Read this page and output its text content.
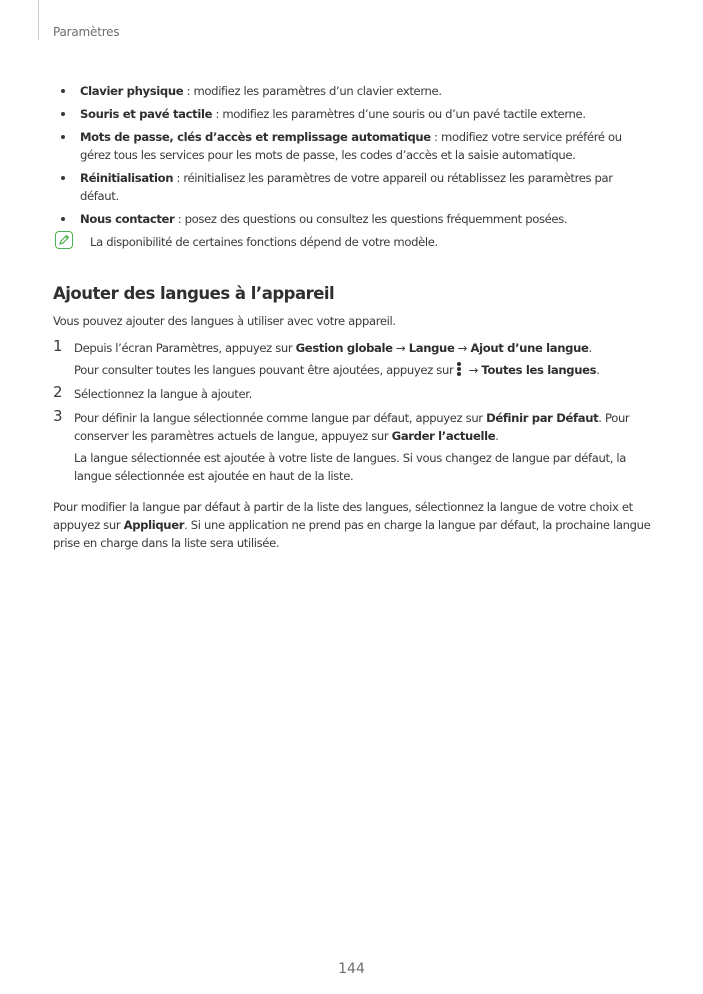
Paramètres
Clavier physique : modifiez les paramètres d’un clavier externe.
Souris et pavé tactile : modifiez les paramètres d’une souris ou d’un pavé tactile externe.
Mots de passe, clés d’accès et remplissage automatique : modifiez votre service préféré ou gérez tous les services pour les mots de passe, les codes d’accès et la saisie automatique.
Réinitialisation : réinitialisez les paramètres de votre appareil ou rétablissez les paramètres par défaut.
Nous contacter : posez des questions ou consultez les questions fréquemment posées.
La disponibilité de certaines fonctions dépend de votre modèle.
Ajouter des langues à l’appareil
Vous pouvez ajouter des langues à utiliser avec votre appareil.
1 Depuis l’écran Paramètres, appuyez sur Gestion globale → Langue → Ajout d’une langue.
Pour consulter toutes les langues pouvant être ajoutées, appuyez sur
→ Toutes les langues.
2 Sélectionnez la langue à ajouter.
3 Pour définir la langue sélectionnée comme langue par défaut, appuyez sur Définir par Défaut. Pour conserver les paramètres actuels de langue, appuyez sur Garder l’actuelle.
La langue sélectionnée est ajoutée à votre liste de langues. Si vous changez de langue par défaut, la langue sélectionnée est ajoutée en haut de la liste.
Pour modifier la langue par défaut à partir de la liste des langues, sélectionnez la langue de votre choix et appuyez sur Appliquer. Si une application ne prend pas en charge la langue par défaut, la prochaine langue prise en charge dans la liste sera utilisée.
144
